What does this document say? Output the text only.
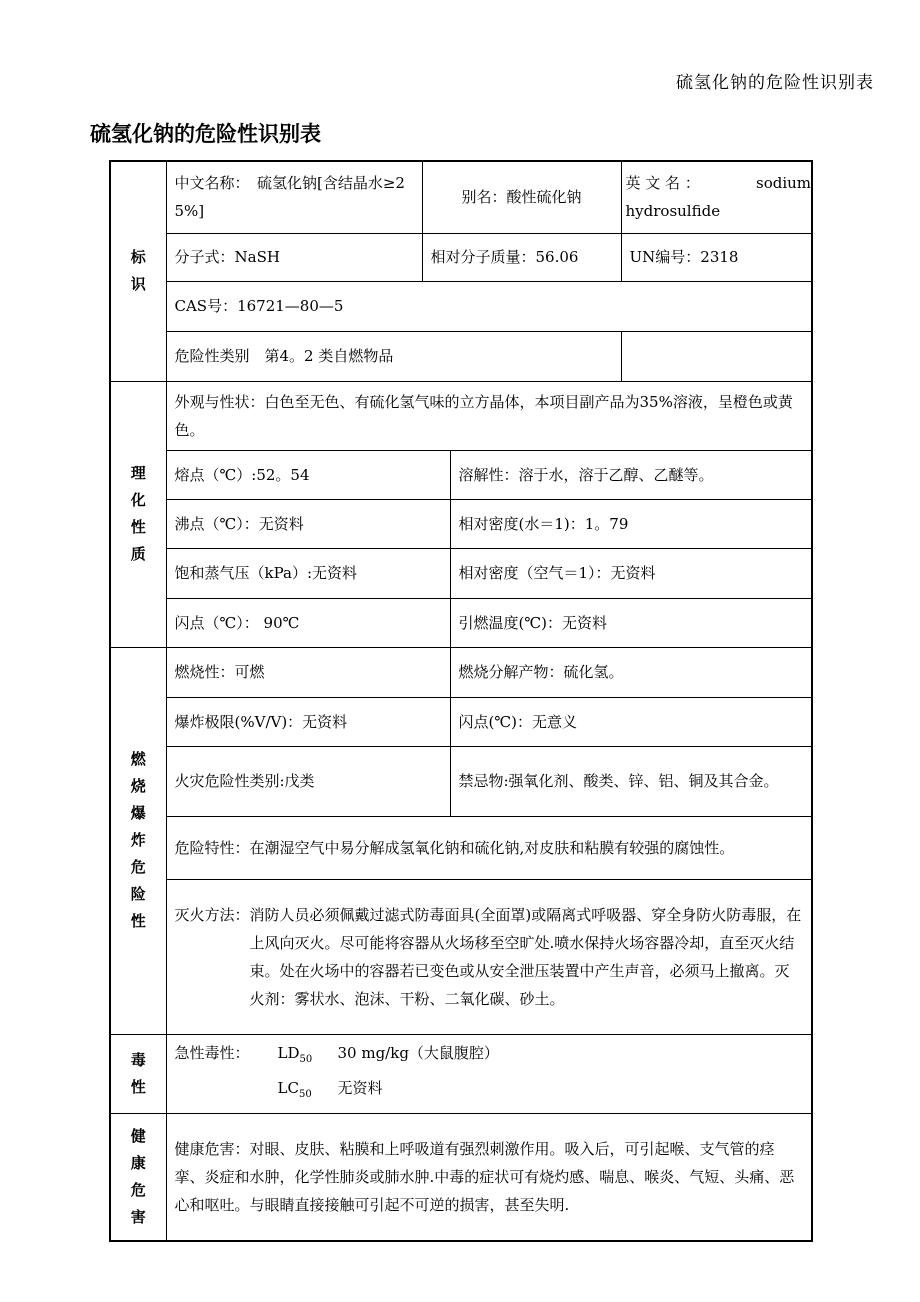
硫氢化钠的危险性识别表
硫氢化钠的危险性识别表
标识	中文名称：　硫氢化钠[含结晶水≥25%]	别名：酸性硫化钠		英 文 名 ： sodium
hydrosulfide

	分子式：NaSH	相对分子质量：56.06		UN编号：2318
	CAS号：16721—80—5			
	危险性类别　第4。2 类自燃物品			
理化性质	外观与性状：白色至无色、有硫化氢气味的立方晶体，本项目副产品为35%溶液，呈橙色或黄色。			
	熔点（℃）:52。54		溶解性：溶于水，溶于乙醇、乙醚等。	
	沸点（℃）：无资料		相对密度(水＝1)：1。79	
	饱和蒸气压（kPa）:无资料		相对密度（空气＝1）：无资料	
	闪点（℃）： 90℃		引燃温度(℃)：无资料	
燃烧爆炸危险性	燃烧性：可燃		燃烧分解产物：硫化氢。	
	爆炸极限(%V/V)：无资料		闪点(℃)：无意义	
	火灾危险性类别:戊类		禁忌物:强氧化剂、酸类、锌、铝、铜及其合金。	

	危险特性： 在潮湿空气中易分解成氢氧化钠和硫化钠,对皮肤和粘膜有较强的腐蚀性。			

	灭火方法： 消防人员必须佩戴过滤式防毒面具(全面罩)或隔离式呼吸器、穿全身防火防毒服，在上风向灭火。尽可能将容器从火场移至空旷处.喷水保持火场容器冷却，直至灭火结束。处在火场中的容器若已变色或从安全泄压装置中产生声音，必须马上撤离。灭火剂：雾状水、泡沫、干粉、二氧化碳、砂土。			

毒性	急性毒性： $LD_{50}$ 30 mg/kg（大鼠腹腔）
$LC_{50}$ 无资料			

健康危害	健康危害：对眼、皮肤、粘膜和上呼吸道有强烈刺激作用。吸入后，可引起喉、支气管的痉挛、炎症和水肿，化学性肺炎或肺水肿.中毒的症状可有烧灼感、喘息、喉炎、气短、头痛、恶心和呕吐。与眼睛直接接触可引起不可逆的损害，甚至失明.			
